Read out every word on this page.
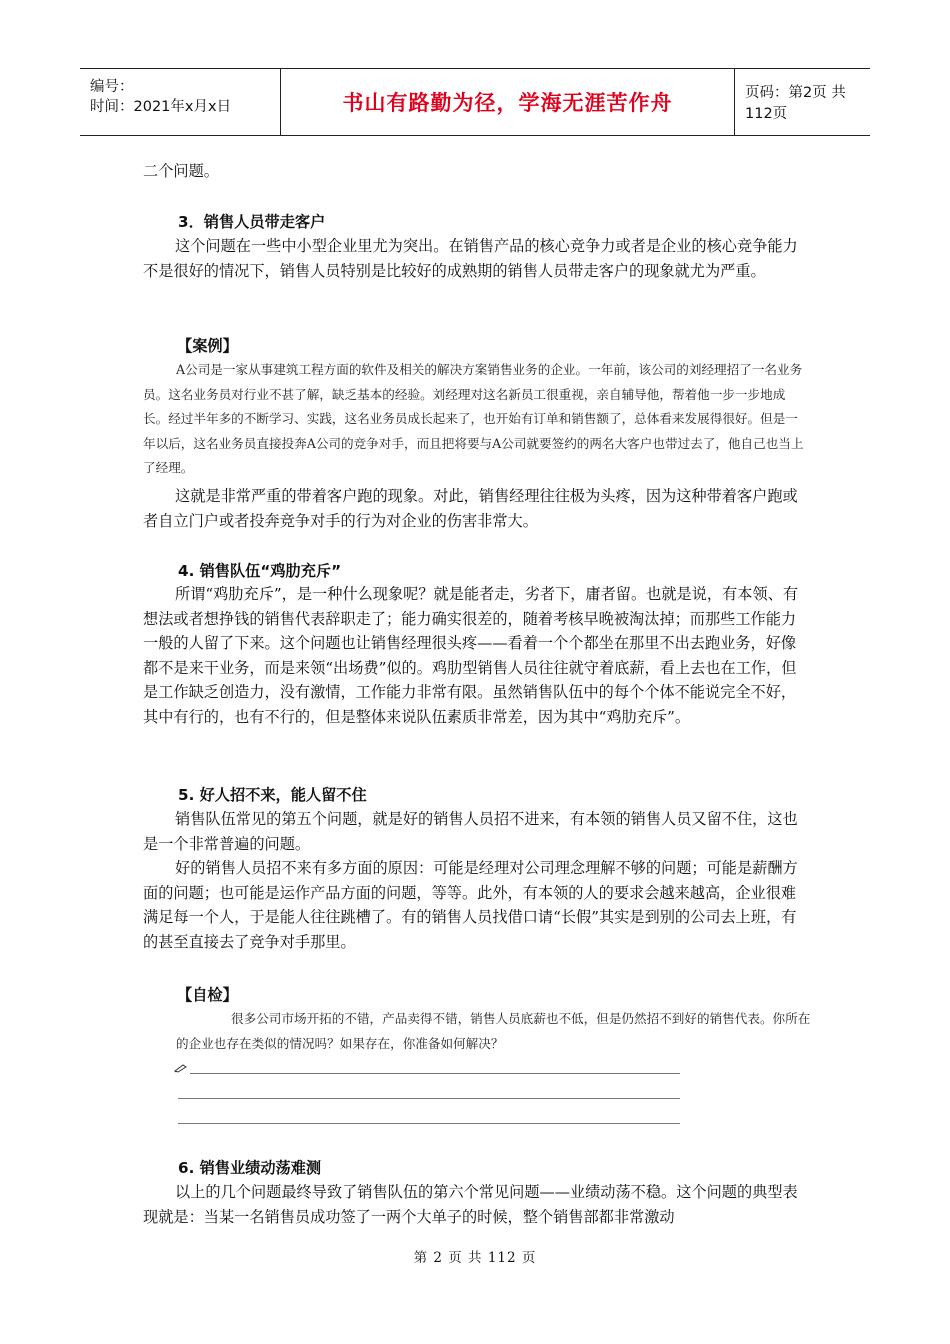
编号：
时间：2021年x月x日	书山有路勤为径，学海无涯苦作舟	页码：第2页 共112页
二个问题。
3．销售人员带走客户

这个问题在一些中小型企业里尤为突出。在销售产品的核心竞争力或者是企业的核心竞争能力不是很好的情况下，销售人员特别是比较好的成熟期的销售人员带走客户的现象就尤为严重。

【案例】

A公司是一家从事建筑工程方面的软件及相关的解决方案销售业务的企业。一年前，该公司的刘经理招了一名业务员。这名业务员对行业不甚了解，缺乏基本的经验。刘经理对这名新员工很重视，亲自辅导他，帮着他一步一步地成长。经过半年多的不断学习、实践，这名业务员成长起来了，也开始有订单和销售额了，总体看来发展得很好。但是一年以后，这名业务员直接投奔A公司的竞争对手，而且把将要与A公司就要签约的两名大客户也带过去了，他自己也当上了经理。

这就是非常严重的带着客户跑的现象。对此，销售经理往往极为头疼，因为这种带着客户跑或者自立门户或者投奔竞争对手的行为对企业的伤害非常大。

4. 销售队伍“鸡肋充斥”

所谓“鸡肋充斥”，是一种什么现象呢？就是能者走，劣者下，庸者留。也就是说，有本领、有想法或者想挣钱的销售代表辞职走了；能力确实很差的，随着考核早晚被淘汰掉；而那些工作能力一般的人留了下来。这个问题也让销售经理很头疼——看着一个个都坐在那里不出去跑业务，好像都不是来干业务，而是来领“出场费”似的。鸡肋型销售人员往往就守着底薪，看上去也在工作，但是工作缺乏创造力，没有激情，工作能力非常有限。虽然销售队伍中的每个个体不能说完全不好，其中有行的，也有不行的，但是整体来说队伍素质非常差，因为其中“鸡肋充斥”。

5. 好人招不来，能人留不住

销售队伍常见的第五个问题，就是好的销售人员招不进来，有本领的销售人员又留不住，这也是一个非常普遍的问题。

好的销售人员招不来有多方面的原因：可能是经理对公司理念理解不够的问题；可能是薪酬方面的问题；也可能是运作产品方面的问题，等等。此外，有本领的人的要求会越来越高，企业很难满足每一个人，于是能人往往跳槽了。有的销售人员找借口请“长假”其实是到别的公司去上班，有的甚至直接去了竞争对手那里。

【自检】

很多公司市场开拓的不错，产品卖得不错，销售人员底薪也不低，但是仍然招不到好的销售代表。你所在的企业也存在类似的情况吗？如果存在，你准备如何解决？

6. 销售业绩动荡难测

以上的几个问题最终导致了销售队伍的第六个常见问题——业绩动荡不稳。这个问题的典型表现就是：当某一名销售员成功签了一两个大单子的时候，整个销售部都非常激动

第 2 页 共 112 页
